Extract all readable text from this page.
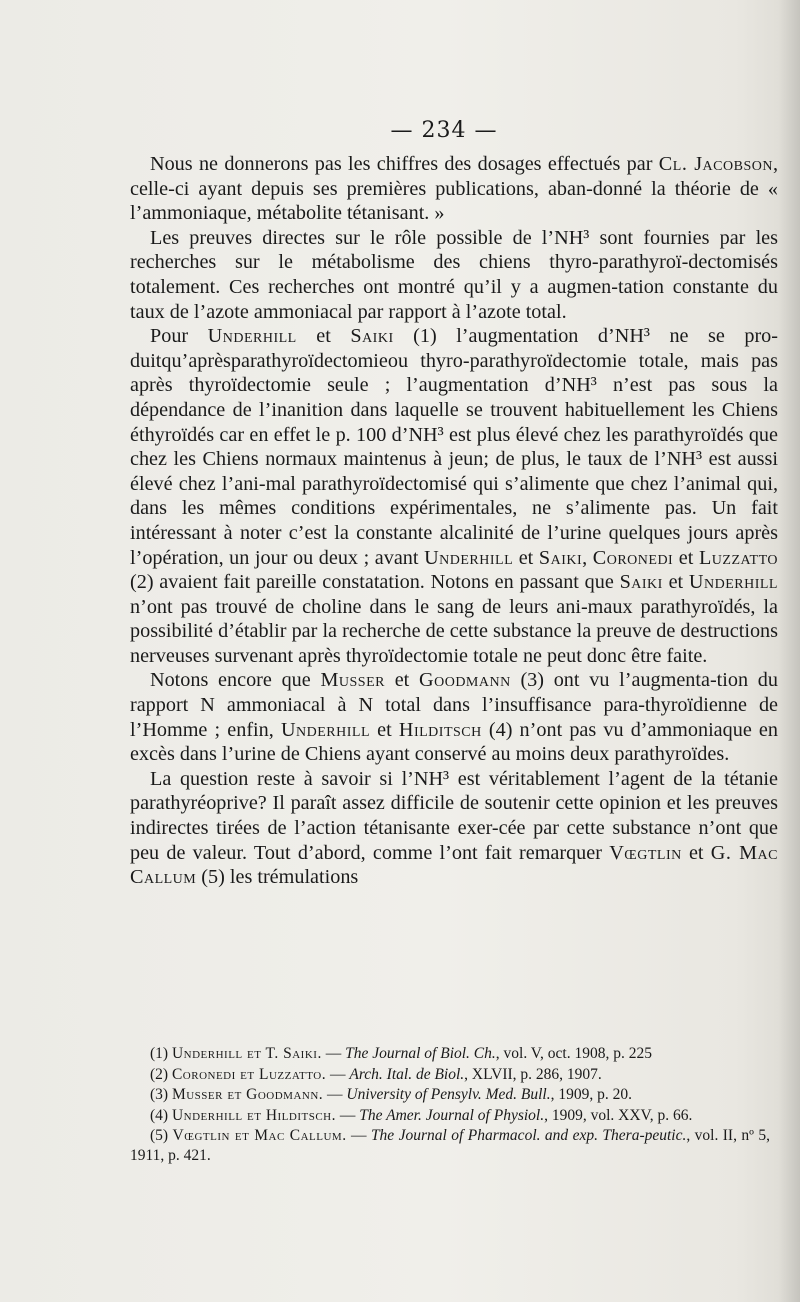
— 234 —

Nous ne donnerons pas les chiffres des dosages effectués par Cl. Jacobson, celle-ci ayant depuis ses premières publications, aban-donné la théorie de « l’ammoniaque, métabolite tétanisant. »

Les preuves directes sur le rôle possible de l’NH³ sont fournies par les recherches sur le métabolisme des chiens thyro-parathyroï-dectomisés totalement. Ces recherches ont montré qu’il y a augmen-tation constante du taux de l’azote ammoniacal par rapport à l’azote total.

Pour Underhill et Saiki (1) l’augmentation d’NH³ ne se pro-duitqu’aprèsparathyroïdectomieou thyro-parathyroïdectomie totale, mais pas après thyroïdectomie seule ; l’augmentation d’NH³ n’est pas sous la dépendance de l’inanition dans laquelle se trouvent habituellement les Chiens éthyroïdés car en effet le p. 100 d’NH³ est plus élevé chez les parathyroïdés que chez les Chiens normaux maintenus à jeun; de plus, le taux de l’NH³ est aussi élevé chez l’ani-mal parathyroïdectomisé qui s’alimente que chez l’animal qui, dans les mêmes conditions expérimentales, ne s’alimente pas. Un fait intéressant à noter c’est la constante alcalinité de l’urine quelques jours après l’opération, un jour ou deux ; avant Underhill et Saiki, Coronedi et Luzzatto (2) avaient fait pareille constatation. Notons en passant que Saiki et Underhill n’ont pas trouvé de choline dans le sang de leurs ani-maux parathyroïdés, la possibilité d’établir par la recherche de cette substance la preuve de destructions nerveuses survenant après thyroïdectomie totale ne peut donc être faite.

Notons encore que Musser et Goodmann (3) ont vu l’augmenta-tion du rapport N ammoniacal à N total dans l’insuffisance para-thyroïdienne de l’Homme ; enfin, Underhill et Hilditsch (4) n’ont pas vu d’ammoniaque en excès dans l’urine de Chiens ayant conservé au moins deux parathyroïdes.

La question reste à savoir si l’NH³ est véritablement l’agent de la tétanie parathyréoprive? Il paraît assez difficile de soutenir cette opinion et les preuves indirectes tirées de l’action tétanisante exer-cée par cette substance n’ont que peu de valeur. Tout d’abord, comme l’ont fait remarquer Vœgtlin et G. Mac Callum (5) les trémulations

(1) Underhill et T. Saiki. — The Journal of Biol. Ch., vol. V, oct. 1908, p. 225

(2) Coronedi et Luzzatto. — Arch. Ital. de Biol., XLVII, p. 286, 1907.

(3) Musser et Goodmann. — University of Pensylv. Med. Bull., 1909, p. 20.

(4) Underhill et Hilditsch. — The Amer. Journal of Physiol., 1909, vol. XXV, p. 66.

(5) Vœgtlin et Mac Callum. — The Journal of Pharmacol. and exp. Thera-peutic., vol. II, nº 5, 1911, p. 421.
